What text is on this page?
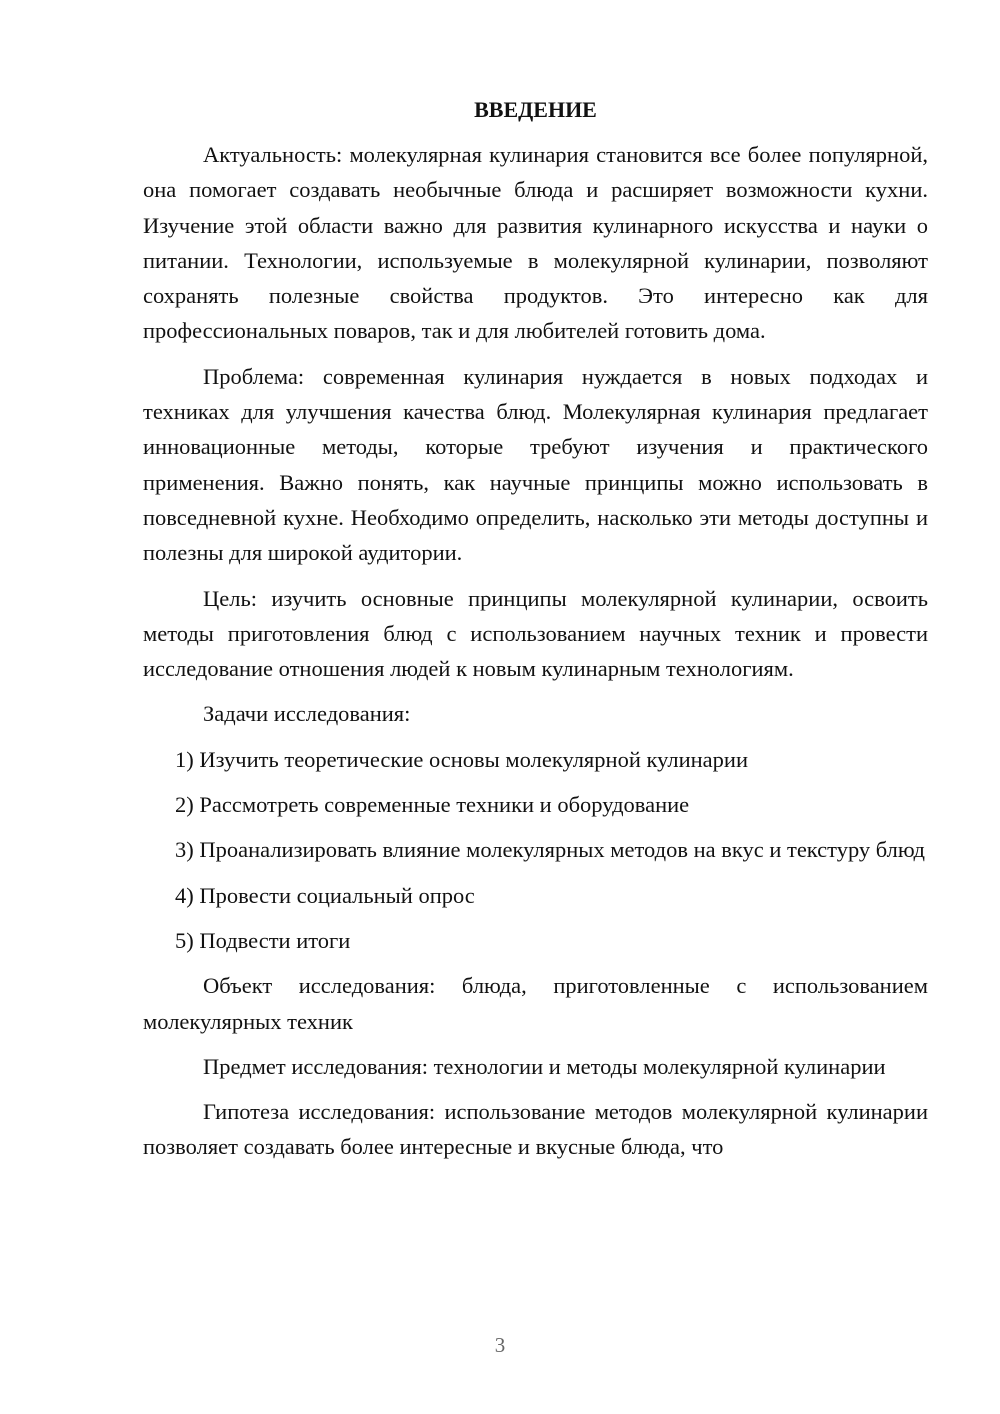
ВВЕДЕНИЕ

Актуальность: молекулярная кулинария становится все более популярной, она помогает создавать необычные блюда и расширяет возможности кухни. Изучение этой области важно для развития кулинарного искусства и науки о питании. Технологии, используемые в молекулярной кулинарии, позволяют сохранять полезные свойства продуктов. Это интересно как для профессиональных поваров, так и для любителей готовить дома.

Проблема: современная кулинария нуждается в новых подходах и техниках для улучшения качества блюд. Молекулярная кулинария предлагает инновационные методы, которые требуют изучения и практического применения. Важно понять, как научные принципы можно использовать в повседневной кухне. Необходимо определить, насколько эти методы доступны и полезны для широкой аудитории.

Цель: изучить основные принципы молекулярной кулинарии, освоить методы приготовления блюд с использованием научных техник и провести исследование отношения людей к новым кулинарным технологиям.

Задачи исследования:

1) Изучить теоретические основы молекулярной кулинарии

2) Рассмотреть современные техники и оборудование

3) Проанализировать влияние молекулярных методов на вкус и текстуру блюд

4) Провести социальный опрос

5) Подвести итоги

Объект исследования: блюда, приготовленные с использованием молекулярных техник

Предмет исследования: технологии и методы молекулярной кулинарии

Гипотеза исследования: использование методов молекулярной кулинарии позволяет создавать более интересные и вкусные блюда, что

3
